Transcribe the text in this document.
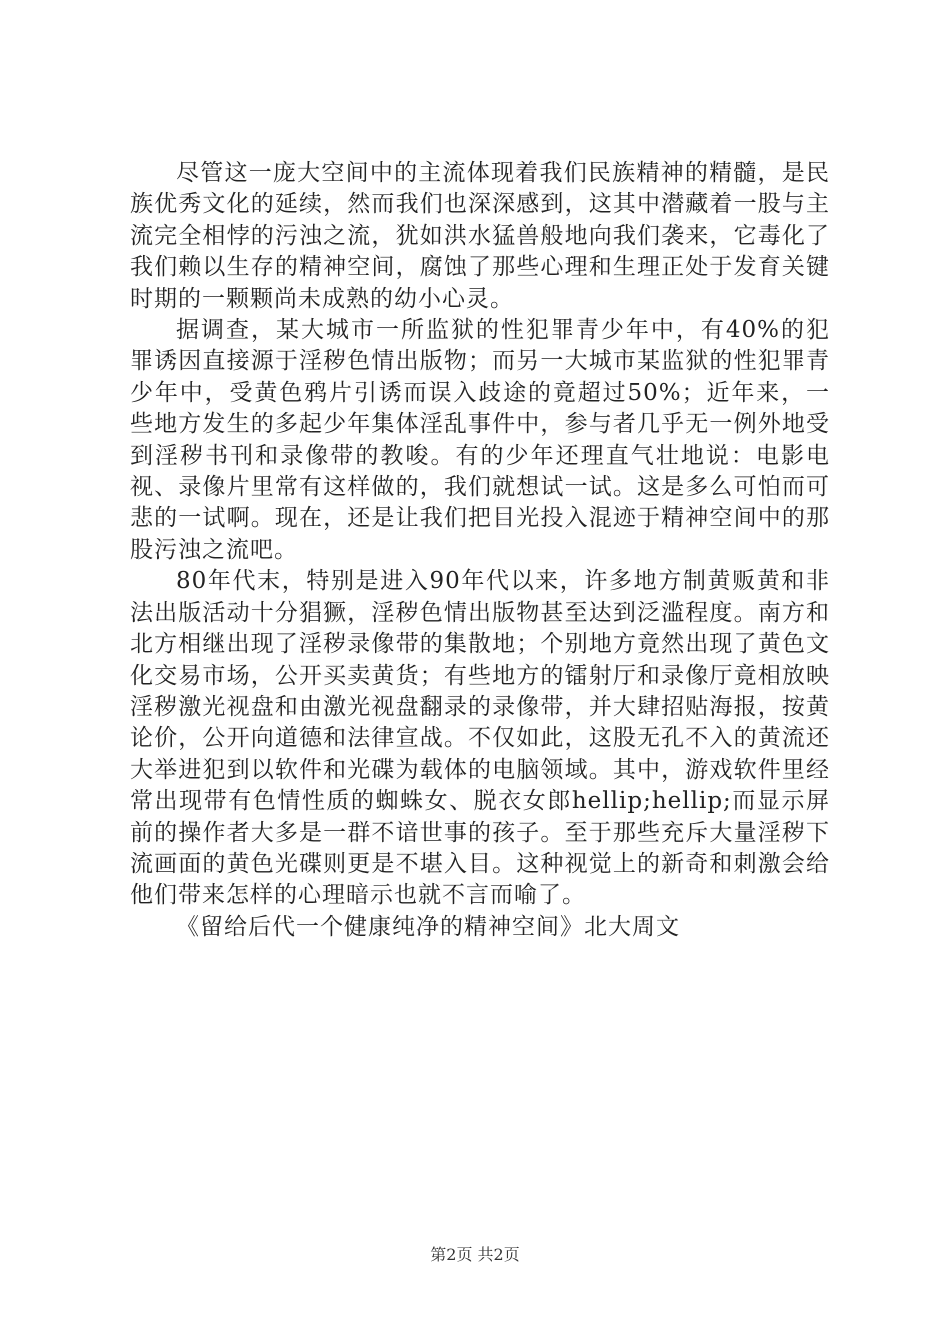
尽管这一庞大空间中的主流体现着我们民族精神的精髓，是民族优秀文化的延续，然而我们也深深感到，这其中潜藏着一股与主流完全相悖的污浊之流，犹如洪水猛兽般地向我们袭来，它毒化了我们赖以生存的精神空间，腐蚀了那些心理和生理正处于发育关键时期的一颗颗尚未成熟的幼小心灵。

据调查，某大城市一所监狱的性犯罪青少年中，有40%的犯罪诱因直接源于淫秽色情出版物；而另一大城市某监狱的性犯罪青少年中，受黄色鸦片引诱而误入歧途的竟超过50%；近年来，一些地方发生的多起少年集体淫乱事件中，参与者几乎无一例外地受到淫秽书刊和录像带的教唆。有的少年还理直气壮地说：电影电视、录像片里常有这样做的，我们就想试一试。这是多么可怕而可悲的一试啊。现在，还是让我们把目光投入混迹于精神空间中的那股污浊之流吧。

80年代末，特别是进入90年代以来，许多地方制黄贩黄和非法出版活动十分猖獗，淫秽色情出版物甚至达到泛滥程度。南方和北方相继出现了淫秽录像带的集散地；个别地方竟然出现了黄色文化交易市场，公开买卖黄货；有些地方的镭射厅和录像厅竟相放映淫秽激光视盘和由激光视盘翻录的录像带，并大肆招贴海报，按黄论价，公开向道德和法律宣战。不仅如此，这股无孔不入的黄流还大举进犯到以软件和光碟为载体的电脑领域。其中，游戏软件里经常出现带有色情性质的蜘蛛女、脱衣女郎hellip;hellip;而显示屏前的操作者大多是一群不谙世事的孩子。至于那些充斥大量淫秽下流画面的黄色光碟则更是不堪入目。这种视觉上的新奇和刺激会给他们带来怎样的心理暗示也就不言而喻了。

《留给后代一个健康纯净的精神空间》北大周文

第2页 共2页
